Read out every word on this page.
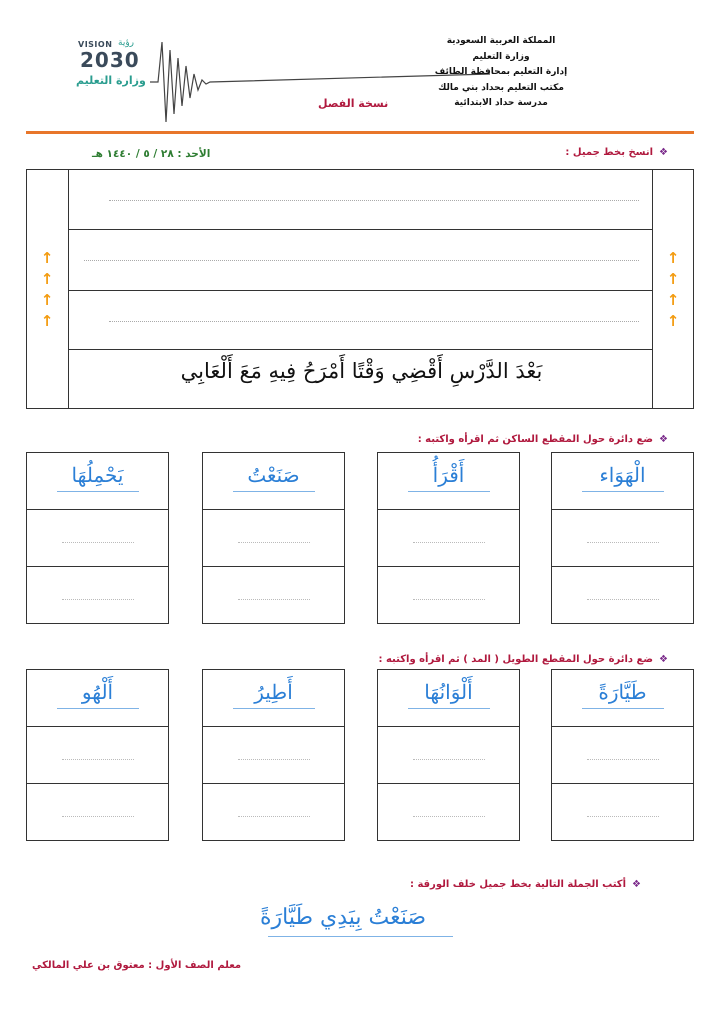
VISION رؤية
2030
وزارة التعليم
المملكة العربية السعودية
وزارة التعليم
إدارة التعليم بمحافظة الطائف
مكتب التعليم بحداد بني مالك
مدرسة حداد الابتدائية
نسخة الفصل
❖انسخ بخط جميل :
الأحد : ٢٨ / ٥ / ١٤٤٠ هـ
↑
↑
↑
↑
↑
↑
↑
↑
بَعْدَ الدَّرْسِ أَقْضِي وَقْتًا أَمْرَحُ فِيهِ مَعَ أَلْعَابِي
❖ضع دائرة حول المقطع الساكن ثم اقرأه واكتبه :
الْهَوَاء
أَقْرَأُ
صَنَعْتُ
يَحْمِلُهَا
❖ضع دائرة حول المقطع الطويل ( المد ) ثم اقرأه واكتبه :
طَيَّارَةً
أَلْوَانُهَا
أَطِيرُ
أَلْهُو
❖أكتب الجملة التالية بخط جميل خلف الورقة :
صَنَعْتُ بِيَدِي طَيَّارَةً
معلم الصف الأول : معتوق بن علي المالكي
